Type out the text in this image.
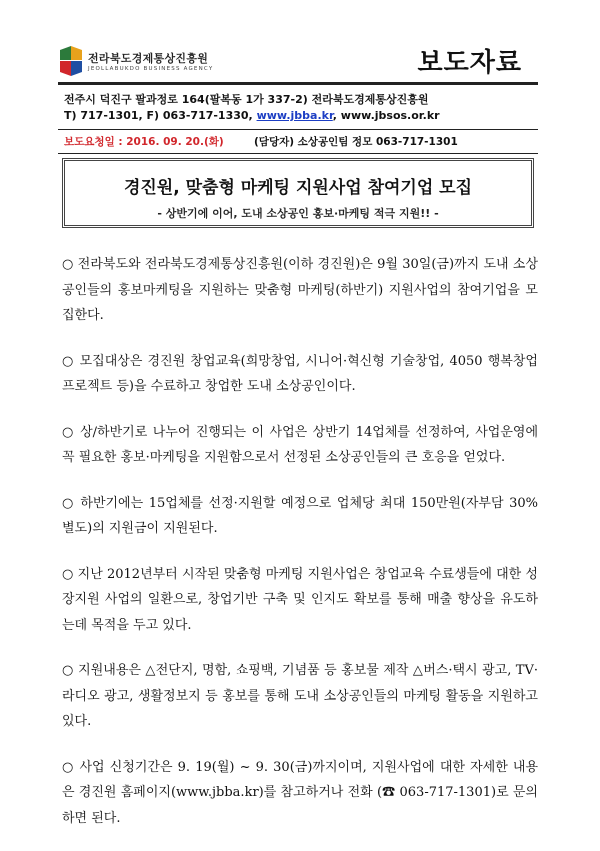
전라북도경제통상진흥원
JEOLLABUKDO BUSINESS AGENCY	보도자료
전주시 덕진구 팔과정로 164(팔복동 1가 337-2) 전라북도경제통상진흥원
T) 717-1301, F) 063-717-1330, www.jbba.kr, www.jbsos.or.kr
보도요청일 : 2016. 09. 20.(화)	(담당자) 소상공인팀 정모 063-717-1301
경진원, 맞춤형 마케팅 지원사업 참여기업 모집
- 상반기에 이어, 도내 소상공인 홍보·마케팅 적극 지원!! -

○ 전라북도와 전라북도경제통상진흥원(이하 경진원)은 9월 30일(금)까지 도내 소상공인들의 홍보마케팅을 지원하는 맞춤형 마케팅(하반기) 지원사업의 참여기업을 모집한다.

○ 모집대상은 경진원 창업교육(희망창업, 시니어·혁신형 기술창업, 4050 행복창업 프로젝트 등)을 수료하고 창업한 도내 소상공인이다.

○ 상/하반기로 나누어 진행되는 이 사업은 상반기 14업체를 선정하여, 사업운영에 꼭 필요한 홍보·마케팅을 지원함으로서 선정된 소상공인들의 큰 호응을 얻었다.

○ 하반기에는 15업체를 선정·지원할 예정으로 업체당 최대 150만원(자부담 30% 별도)의 지원금이 지원된다.

○ 지난 2012년부터 시작된 맞춤형 마케팅 지원사업은 창업교육 수료생들에 대한 성장지원 사업의 일환으로, 창업기반 구축 및 인지도 확보를 통해 매출 향상을 유도하는데 목적을 두고 있다.

○ 지원내용은 △전단지, 명함, 쇼핑백, 기념품 등 홍보물 제작 △버스·택시 광고, TV·라디오 광고, 생활정보지 등 홍보를 통해 도내 소상공인들의 마케팅 활동을 지원하고 있다.

○ 사업 신청기간은 9. 19(월) ~ 9. 30(금)까지이며, 지원사업에 대한 자세한 내용은 경진원 홈페이지(www.jbba.kr)를 참고하거나 전화 (☎ 063-717-1301)로 문의하면 된다.
